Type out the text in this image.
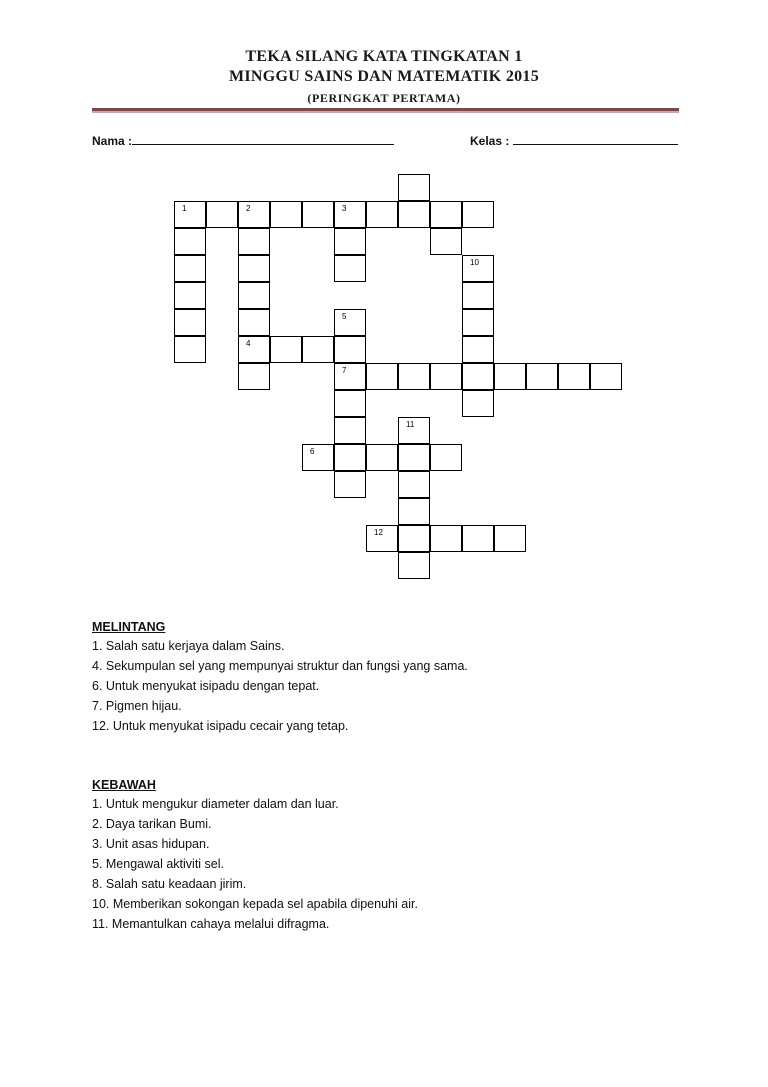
TEKA SILANG KATA TINGKATAN 1
MINGGU SAINS DAN MATEMATIK 2015
(PERINGKAT PERTAMA)
Nama :	Kelas :
1	2	3
10
5
4
7
11
6
12
MELINTANG
1. Salah satu kerjaya dalam Sains.
4. Sekumpulan sel yang mempunyai struktur dan fungsi yang sama.
6. Untuk menyukat isipadu dengan tepat.
7. Pigmen hijau.
12. Untuk menyukat isipadu cecair yang tetap.
KEBAWAH
1. Untuk mengukur diameter dalam dan luar.
2. Daya tarikan Bumi.
3. Unit asas hidupan.
5. Mengawal aktiviti sel.
8. Salah satu keadaan jirim.
10. Memberikan sokongan kepada sel apabila dipenuhi air.
11. Memantulkan cahaya melalui difragma.
